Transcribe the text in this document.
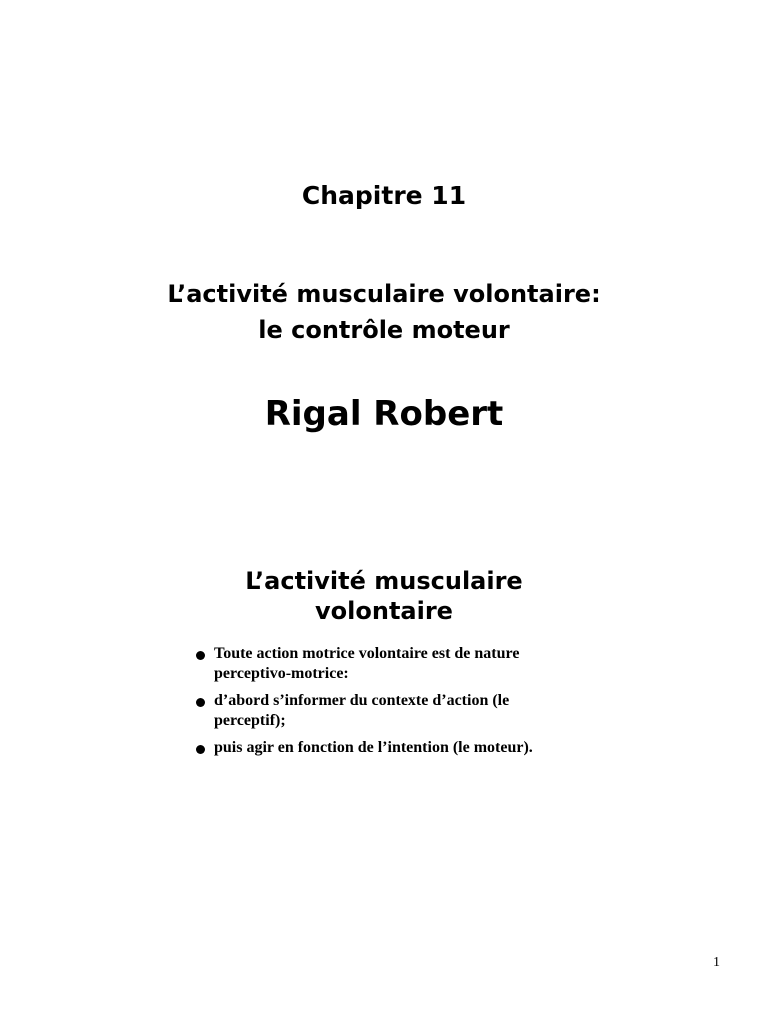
Chapitre 11
L’activité musculaire volontaire:
le contrôle moteur
Rigal Robert
L’activité musculaire
volontaire
Toute action motrice volontaire est de nature
perceptivo-motrice:
d’abord s’informer du contexte d’action (le
perceptif);
puis agir en fonction de l’intention (le moteur).
1
